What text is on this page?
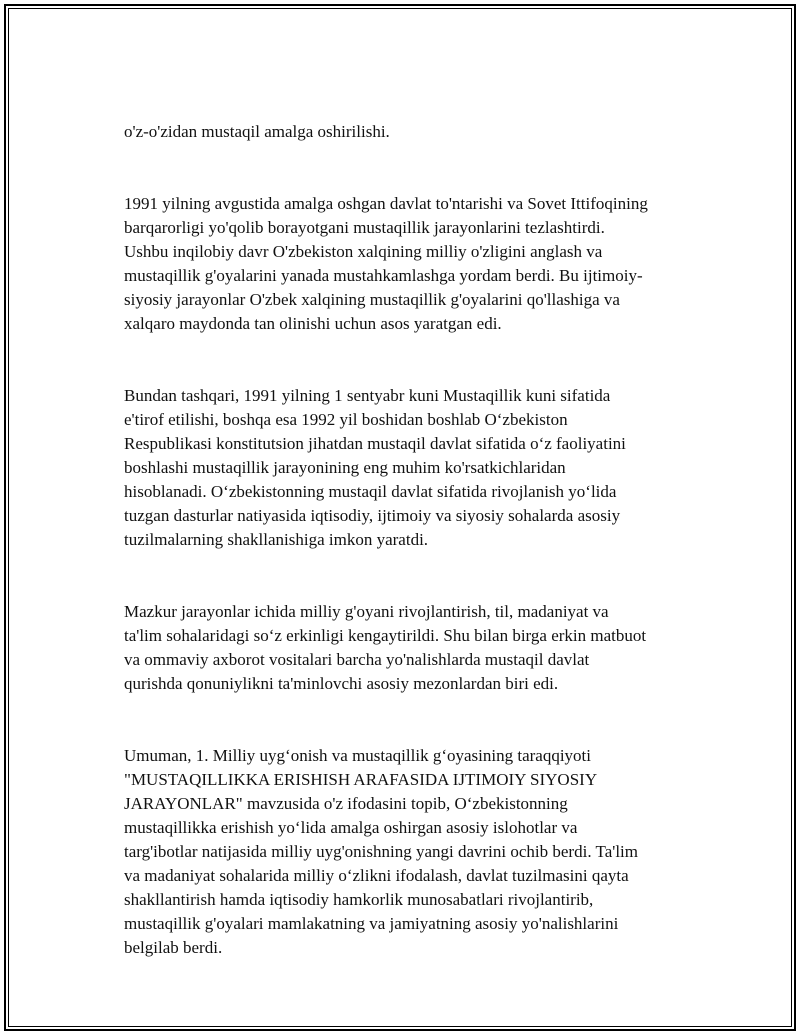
o'z-o'zidan mustaqil amalga oshirilishi.

1991 yilning avgustida amalga oshgan davlat to'ntarishi va Sovet Ittifoqining
barqarorligi yo'qolib borayotgani mustaqillik jarayonlarini tezlashtirdi.
Ushbu inqilobiy davr O'zbekiston xalqining milliy o'zligini anglash va
mustaqillik g'oyalarini yanada mustahkamlashga yordam berdi. Bu ijtimoiy-
siyosiy jarayonlar O'zbek xalqining mustaqillik g'oyalarini qo'llashiga va
xalqaro maydonda tan olinishi uchun asos yaratgan edi.

Bundan tashqari, 1991 yilning 1 sentyabr kuni Mustaqillik kuni sifatida
e'tirof etilishi, boshqa esa 1992 yil boshidan boshlab O‘zbekiston
Respublikasi konstitutsion jihatdan mustaqil davlat sifatida o‘z faoliyatini
boshlashi mustaqillik jarayonining eng muhim ko'rsatkichlaridan
hisoblanadi. O‘zbekistonning mustaqil davlat sifatida rivojlanish yo‘lida
tuzgan dasturlar natiyasida iqtisodiy, ijtimoiy va siyosiy sohalarda asosiy
tuzilmalarning shakllanishiga imkon yaratdi.

Mazkur jarayonlar ichida milliy g'oyani rivojlantirish, til, madaniyat va
ta'lim sohalaridagi so‘z erkinligi kengaytirildi. Shu bilan birga erkin matbuot
va ommaviy axborot vositalari barcha yo'nalishlarda mustaqil davlat
qurishda qonuniylikni ta'minlovchi asosiy mezonlardan biri edi.

Umuman, 1. Milliy uyg‘onish va mustaqillik g‘oyasining taraqqiyoti
"MUSTAQILLIKKA ERISHISH ARAFASIDA IJTIMOIY SIYOSIY
JARAYONLAR" mavzusida o'z ifodasini topib, O‘zbekistonning
mustaqillikka erishish yo‘lida amalga oshirgan asosiy islohotlar va
targ'ibotlar natijasida milliy uyg'onishning yangi davrini ochib berdi. Ta'lim
va madaniyat sohalarida milliy o‘zlikni ifodalash, davlat tuzilmasini qayta
shakllantirish hamda iqtisodiy hamkorlik munosabatlari rivojlantirib,
mustaqillik g'oyalari mamlakatning va jamiyatning asosiy yo'nalishlarini
belgilab berdi.
